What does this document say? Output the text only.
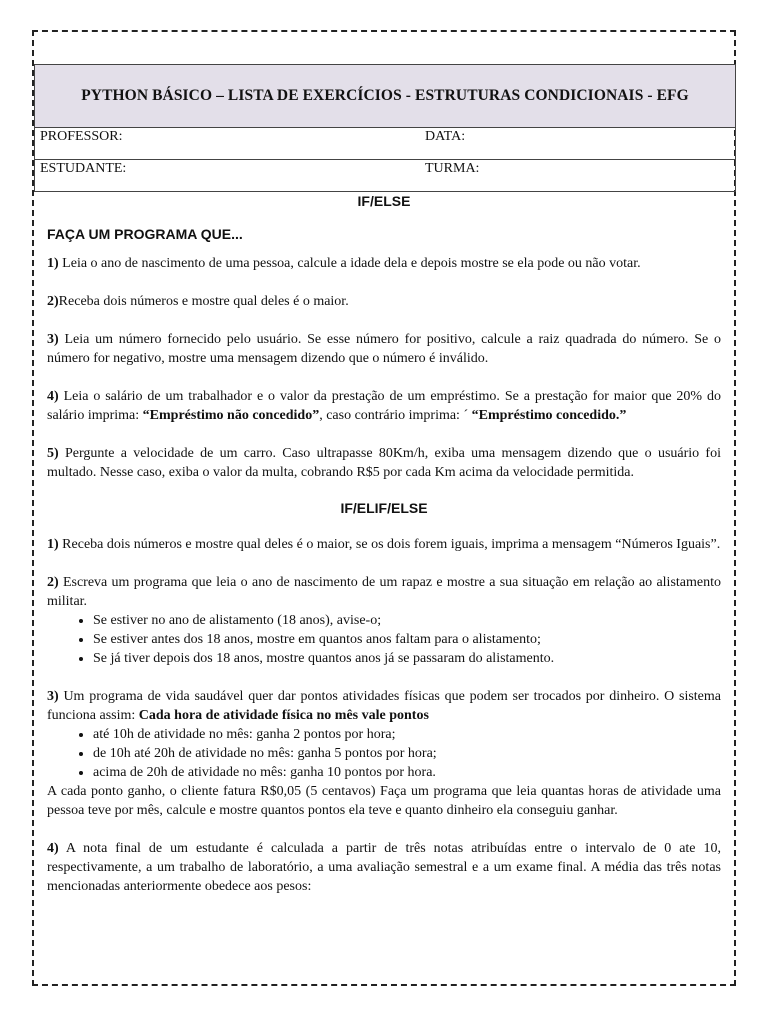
PYTHON BÁSICO – LISTA DE EXERCÍCIOS - ESTRUTURAS CONDICIONAIS - EFG
PROFESSOR:	DATA:
ESTUDANTE:	TURMA:

IF/ELSE

FAÇA UM PROGRAMA QUE...

1) Leia o ano de nascimento de uma pessoa, calcule a idade dela e depois mostre se ela pode ou não votar.

2)Receba dois números e mostre qual deles é o maior.

3) Leia um número fornecido pelo usuário. Se esse número for positivo, calcule a raiz quadrada do número. Se o número for negativo, mostre uma mensagem dizendo que o número é inválido.

4) Leia o salário de um trabalhador e o valor da prestação de um empréstimo. Se a prestação for maior que 20% do salário imprima: “Empréstimo não concedido”, caso contrário imprima: ´ “Empréstimo concedido.”

5) Pergunte a velocidade de um carro. Caso ultrapasse 80Km/h, exiba uma mensagem dizendo que o usuário foi multado. Nesse caso, exiba o valor da multa, cobrando R$5 por cada Km acima da velocidade permitida.

IF/ELIF/ELSE

1) Receba dois números e mostre qual deles é o maior, se os dois forem iguais, imprima a mensagem “Números Iguais”.

2) Escreva um programa que leia o ano de nascimento de um rapaz e mostre a sua situação em relação ao alistamento militar.

• Se estiver no ano de alistamento (18 anos), avise-o;
• Se estiver antes dos 18 anos, mostre em quantos anos faltam para o alistamento;
• Se já tiver depois dos 18 anos, mostre quantos anos já se passaram do alistamento.

3) Um programa de vida saudável quer dar pontos atividades físicas que podem ser trocados por dinheiro. O sistema funciona assim: Cada hora de atividade física no mês vale pontos

• até 10h de atividade no mês: ganha 2 pontos por hora;
• de 10h até 20h de atividade no mês: ganha 5 pontos por hora;
• acima de 20h de atividade no mês: ganha 10 pontos por hora.

A cada ponto ganho, o cliente fatura R$0,05 (5 centavos) Faça um programa que leia quantas horas de atividade uma pessoa teve por mês, calcule e mostre quantos pontos ela teve e quanto dinheiro ela conseguiu ganhar.

4) A nota final de um estudante é calculada a partir de três notas atribuídas entre o intervalo de 0 ate 10, respectivamente, a um trabalho de laboratório, a uma avaliação semestral e a um exame final. A média das três notas mencionadas anteriormente obedece aos pesos:
